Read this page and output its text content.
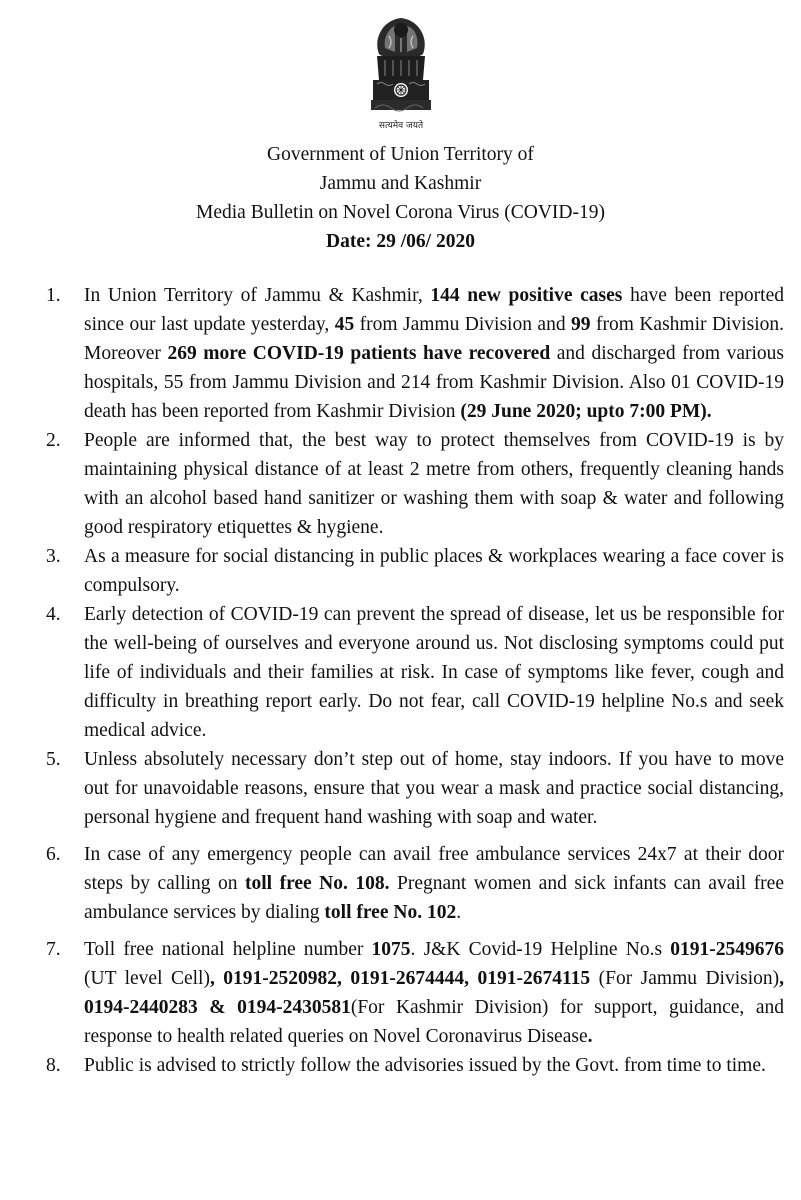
सत्यमेव जयते
Government of Union Territory of
Jammu and Kashmir
Media Bulletin on Novel Corona Virus (COVID-19)
Date: 29 /06/ 2020
1. In Union Territory of Jammu & Kashmir, 144 new positive cases have been reported since our last update yesterday, 45 from Jammu Division and 99 from Kashmir Division. Moreover 269 more COVID-19 patients have recovered and discharged from various hospitals, 55 from Jammu Division and 214 from Kashmir Division. Also 01 COVID-19 death has been reported from Kashmir Division (29 June 2020; upto 7:00 PM).
2. People are informed that, the best way to protect themselves from COVID-19 is by maintaining physical distance of at least 2 metre from others, frequently cleaning hands with an alcohol based hand sanitizer or washing them with soap & water and following good respiratory etiquettes & hygiene.
3. As a measure for social distancing in public places & workplaces wearing a face cover is compulsory.
4. Early detection of COVID-19 can prevent the spread of disease, let us be responsible for the well-being of ourselves and everyone around us. Not disclosing symptoms could put life of individuals and their families at risk. In case of symptoms like fever, cough and difficulty in breathing report early. Do not fear, call COVID-19 helpline No.s and seek medical advice.
5. Unless absolutely necessary don’t step out of home, stay indoors. If you have to move out for unavoidable reasons, ensure that you wear a mask and practice social distancing, personal hygiene and frequent hand washing with soap and water.
6. In case of any emergency people can avail free ambulance services 24x7 at their door steps by calling on toll free No. 108. Pregnant women and sick infants can avail free ambulance services by dialing toll free No. 102.
7. Toll free national helpline number 1075. J&K Covid-19 Helpline No.s 0191-2549676 (UT level Cell), 0191-2520982, 0191-2674444, 0191-2674115 (For Jammu Division), 0194-2440283 & 0194-2430581(For Kashmir Division) for support, guidance, and response to health related queries on Novel Coronavirus Disease.
8. Public is advised to strictly follow the advisories issued by the Govt. from time to time.
